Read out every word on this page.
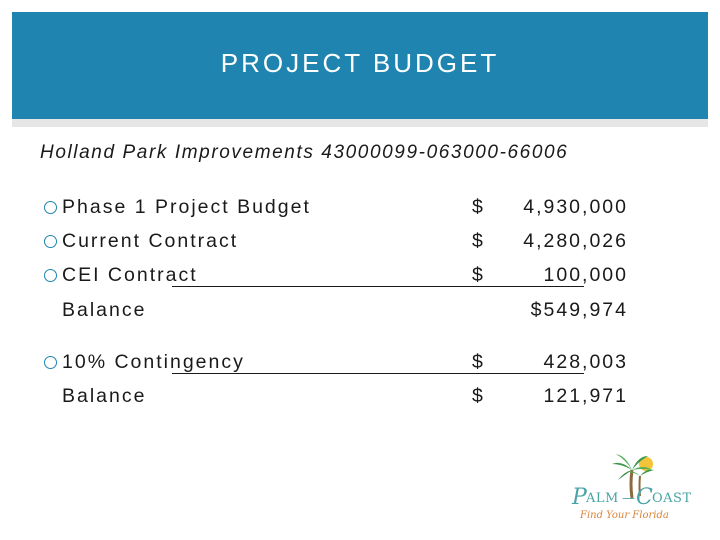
PROJECT BUDGET
Holland Park Improvements 43000099-063000-66006
Phase 1 Project Budget	$ 4,930,000
Current Contract	$ 4,280,026
CEI Contract	$	100,000
Balance	$549,974
10% Contingency	$	428,003
Balance	$	121,971
P ALM — C OAST
Find Your Florida
